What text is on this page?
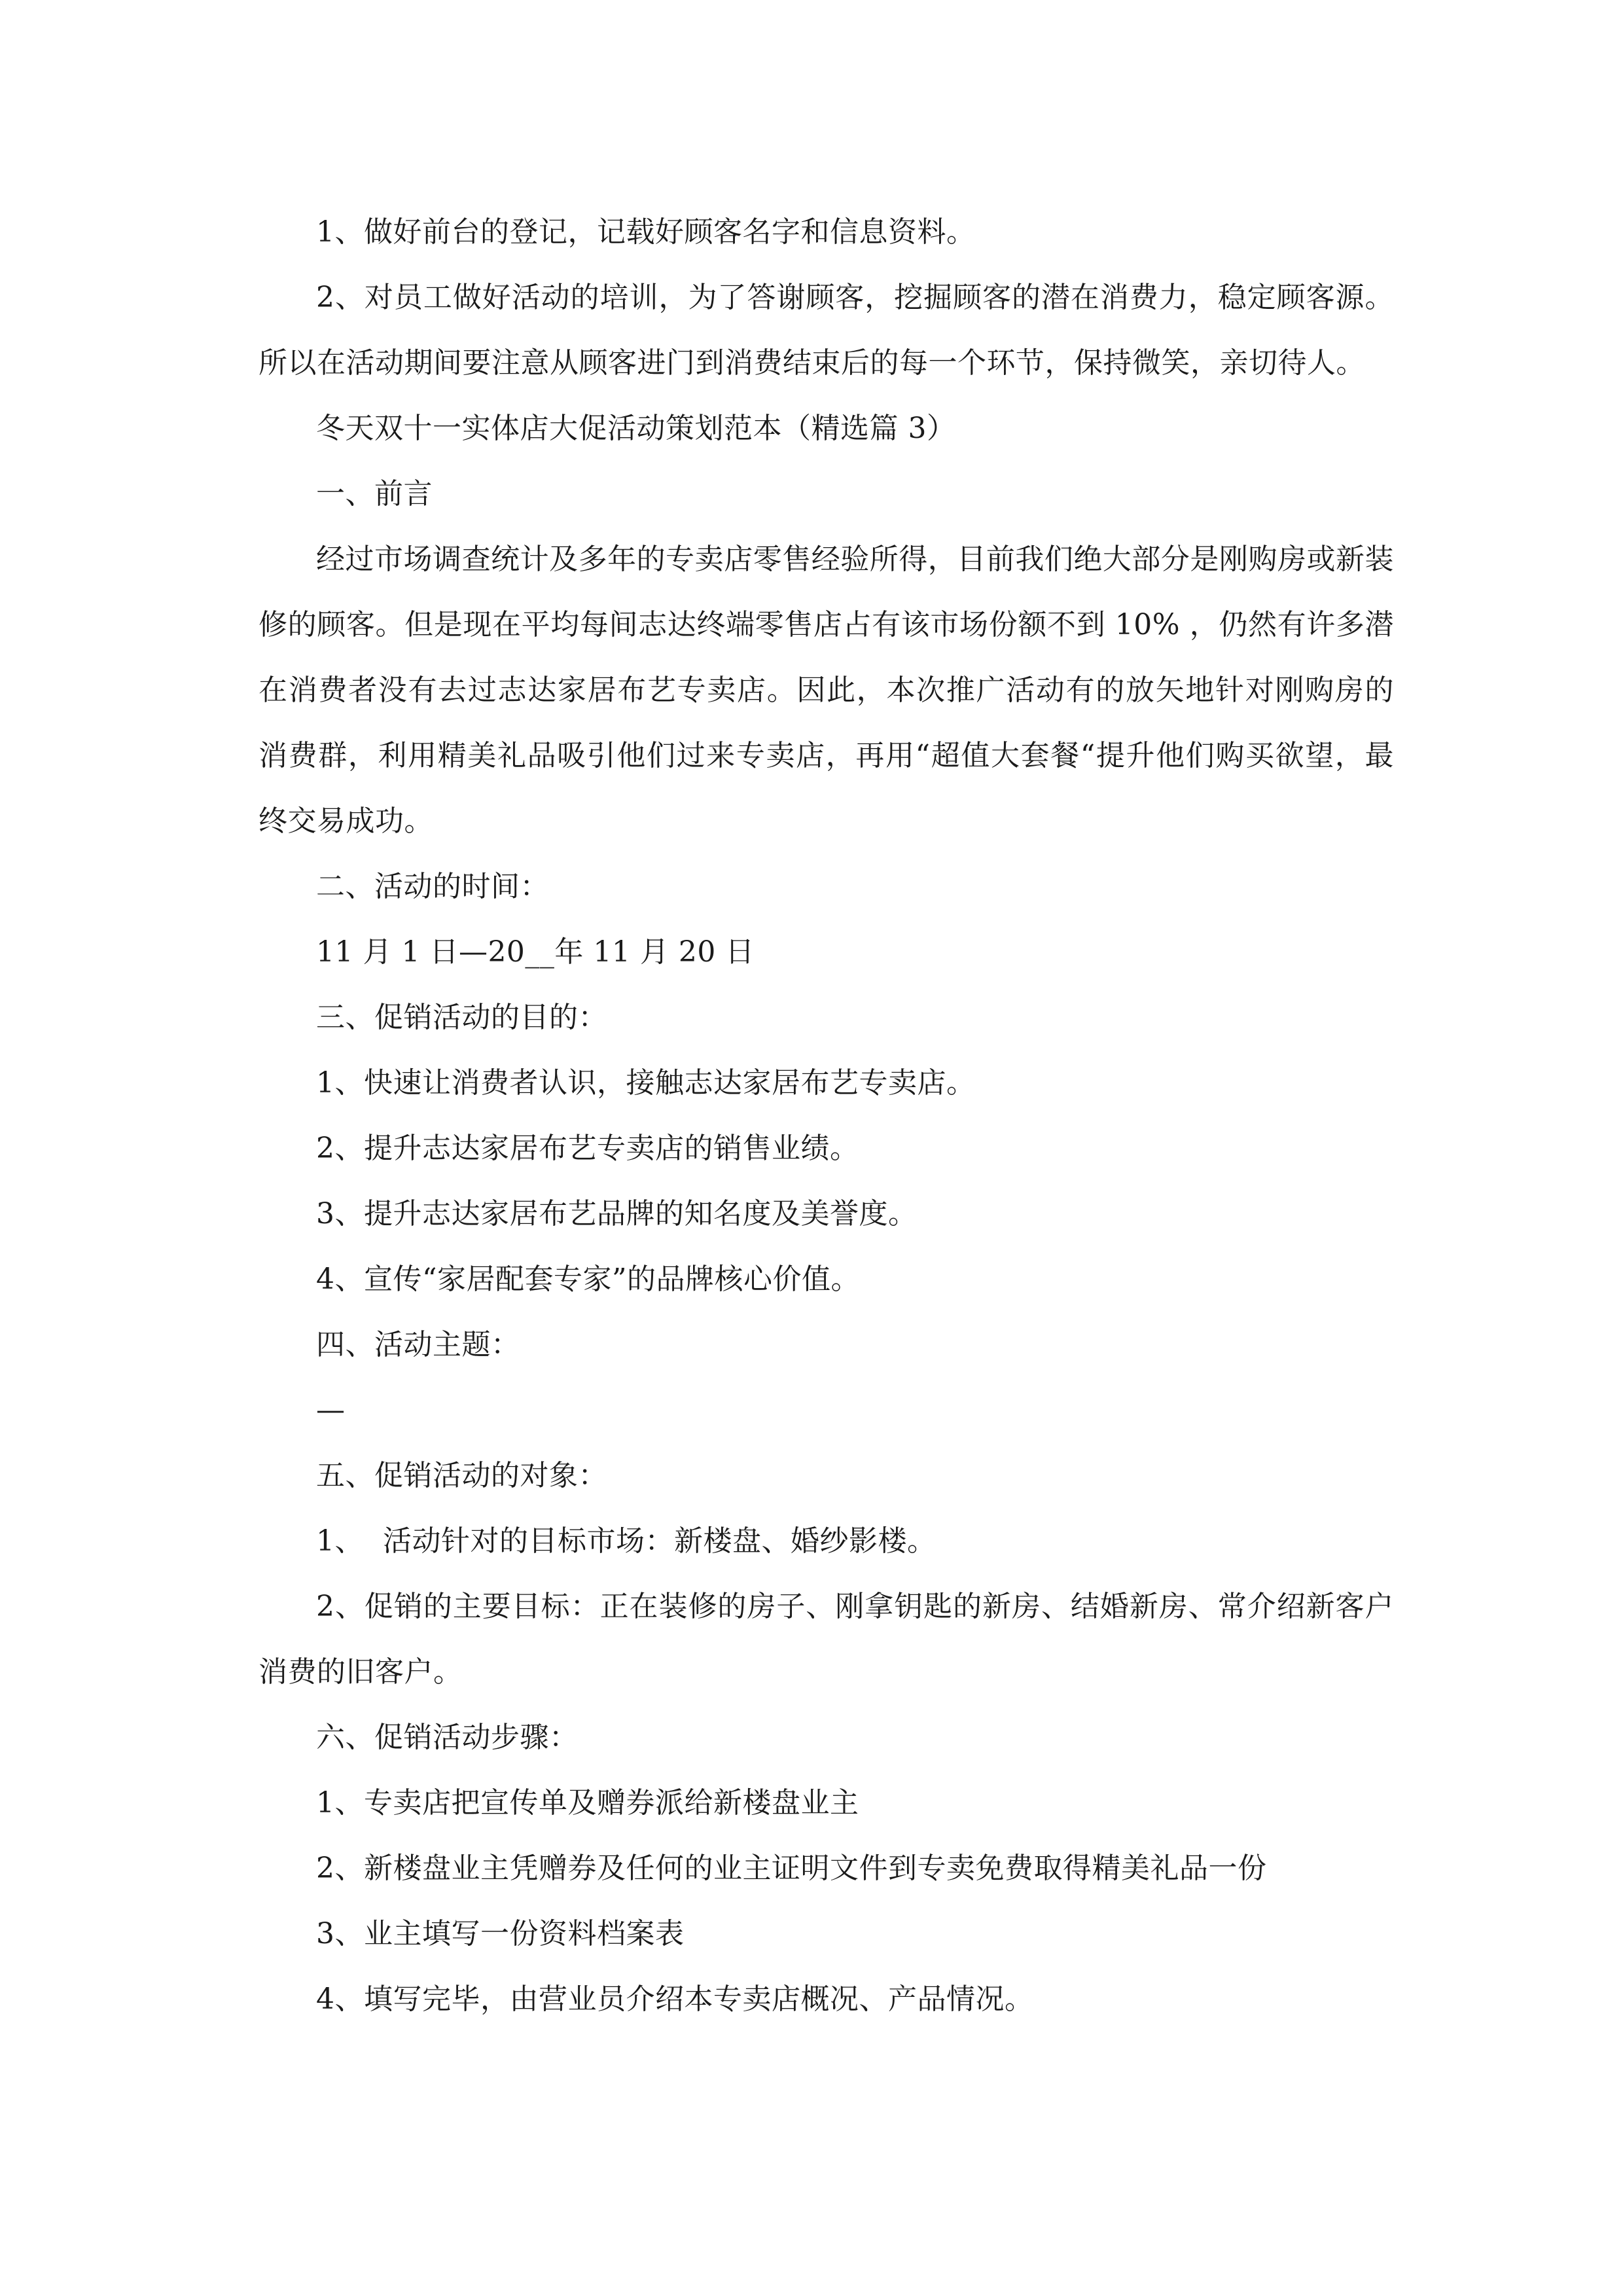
1、做好前台的登记，记载好顾客名字和信息资料。

2、对员工做好活动的培训，为了答谢顾客，挖掘顾客的潜在消费力，稳定顾客源。所以在活动期间要注意从顾客进门到消费结束后的每一个环节，保持微笑，亲切待人。

冬天双十一实体店大促活动策划范本（精选篇 3）

一、前言

经过市场调查统计及多年的专卖店零售经验所得，目前我们绝大部分是刚购房或新装修的顾客。但是现在平均每间志达终端零售店占有该市场份额不到 10% ，仍然有许多潜在消费者没有去过志达家居布艺专卖店。因此，本次推广活动有的放矢地针对刚购房的消费群，利用精美礼品吸引他们过来专卖店，再用“超值大套餐“提升他们购买欲望，最终交易成功。

二、活动的时间：

11 月 1 日—20__年 11 月 20 日

三、促销活动的目的：

1、快速让消费者认识，接触志达家居布艺专卖店。

2、提升志达家居布艺专卖店的销售业绩。

3、提升志达家居布艺品牌的知名度及美誉度。

4、宣传“家居配套专家”的品牌核心价值。

四、活动主题：

—

五、促销活动的对象：

1、  活动针对的目标市场：新楼盘、婚纱影楼。

2、促销的主要目标：正在装修的房子、刚拿钥匙的新房、结婚新房、常介绍新客户消费的旧客户。

六、促销活动步骤：

1、专卖店把宣传单及赠券派给新楼盘业主

2、新楼盘业主凭赠券及任何的业主证明文件到专卖免费取得精美礼品一份

3、业主填写一份资料档案表

4、填写完毕，由营业员介绍本专卖店概况、产品情况。
